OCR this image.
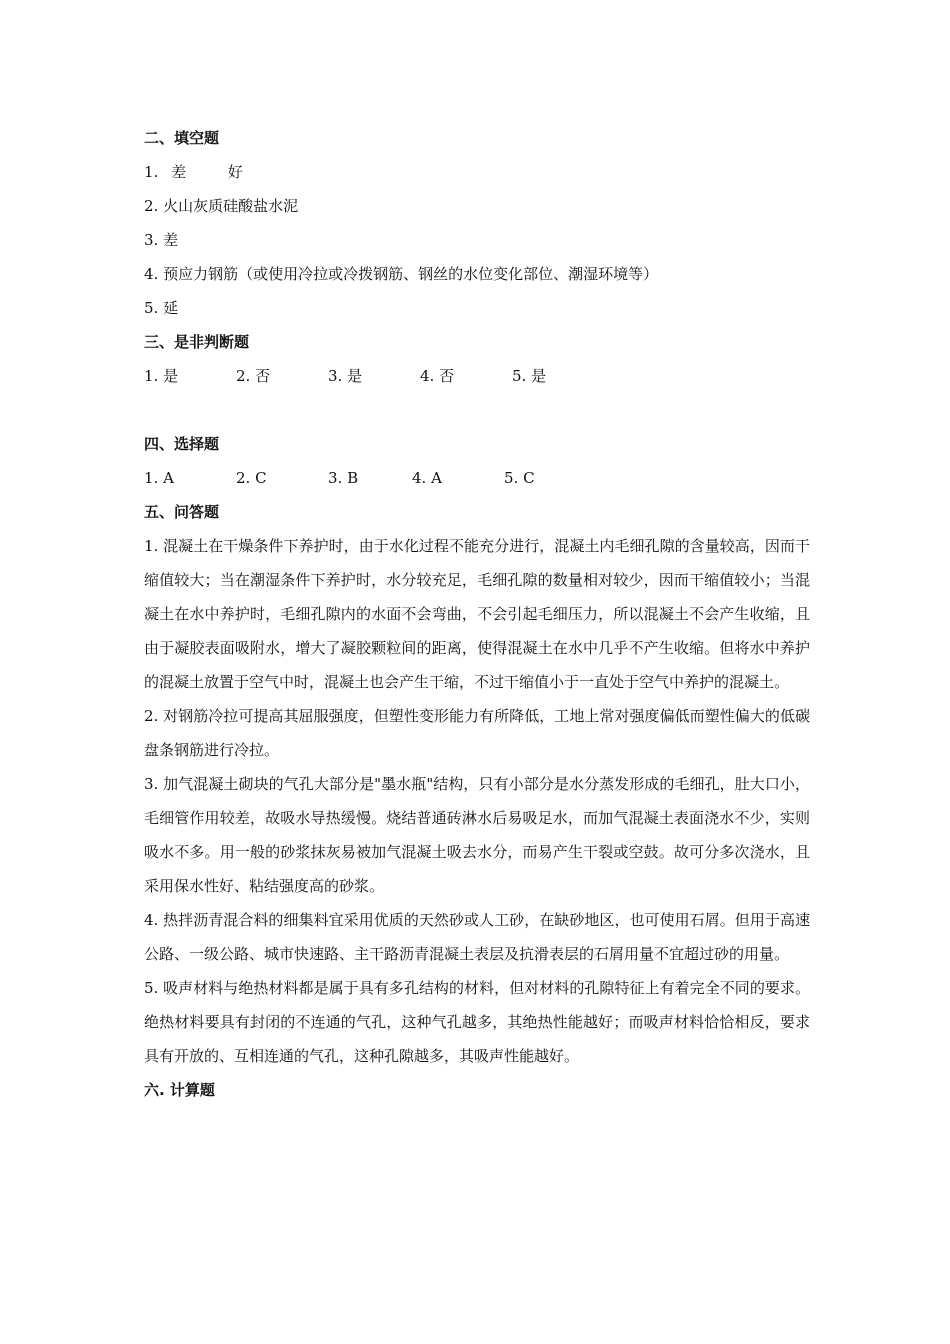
二、填空题
1. 差	好
2. 火山灰质硅酸盐水泥
3. 差
4. 预应力钢筋（或使用冷拉或冷拨钢筋、钢丝的水位变化部位、潮湿环境等）
5. 延
三、是非判断题
1. 是	2. 否	3. 是	4. 否	5. 是
四、选择题
1. A	2. C	3. B	4. A	5. C
五、问答题

1. 混凝土在干燥条件下养护时，由于水化过程不能充分进行，混凝土内毛细孔隙的含量较高，因而干缩值较大；当在潮湿条件下养护时，水分较充足，毛细孔隙的数量相对较少，因而干缩值较小；当混凝土在水中养护时，毛细孔隙内的水面不会弯曲，不会引起毛细压力，所以混凝土不会产生收缩，且由于凝胶表面吸附水，增大了凝胶颗粒间的距离，使得混凝土在水中几乎不产生收缩。但将水中养护的混凝土放置于空气中时，混凝土也会产生干缩，不过干缩值小于一直处于空气中养护的混凝土。

2. 对钢筋冷拉可提高其屈服强度，但塑性变形能力有所降低，工地上常对强度偏低而塑性偏大的低碳盘条钢筋进行冷拉。

3. 加气混凝土砌块的气孔大部分是"墨水瓶"结构，只有小部分是水分蒸发形成的毛细孔，肚大口小，毛细管作用较差，故吸水导热缓慢。烧结普通砖淋水后易吸足水，而加气混凝土表面浇水不少，实则吸水不多。用一般的砂浆抹灰易被加气混凝土吸去水分，而易产生干裂或空鼓。故可分多次浇水，且采用保水性好、粘结强度高的砂浆。

4. 热拌沥青混合料的细集料宜采用优质的天然砂或人工砂，在缺砂地区，也可使用石屑。但用于高速公路、一级公路、城市快速路、主干路沥青混凝土表层及抗滑表层的石屑用量不宜超过砂的用量。

5. 吸声材料与绝热材料都是属于具有多孔结构的材料，但对材料的孔隙特征上有着完全不同的要求。绝热材料要具有封闭的不连通的气孔，这种气孔越多，其绝热性能越好；而吸声材料恰恰相反，要求具有开放的、互相连通的气孔，这种孔隙越多，其吸声性能越好。

六. 计算题
